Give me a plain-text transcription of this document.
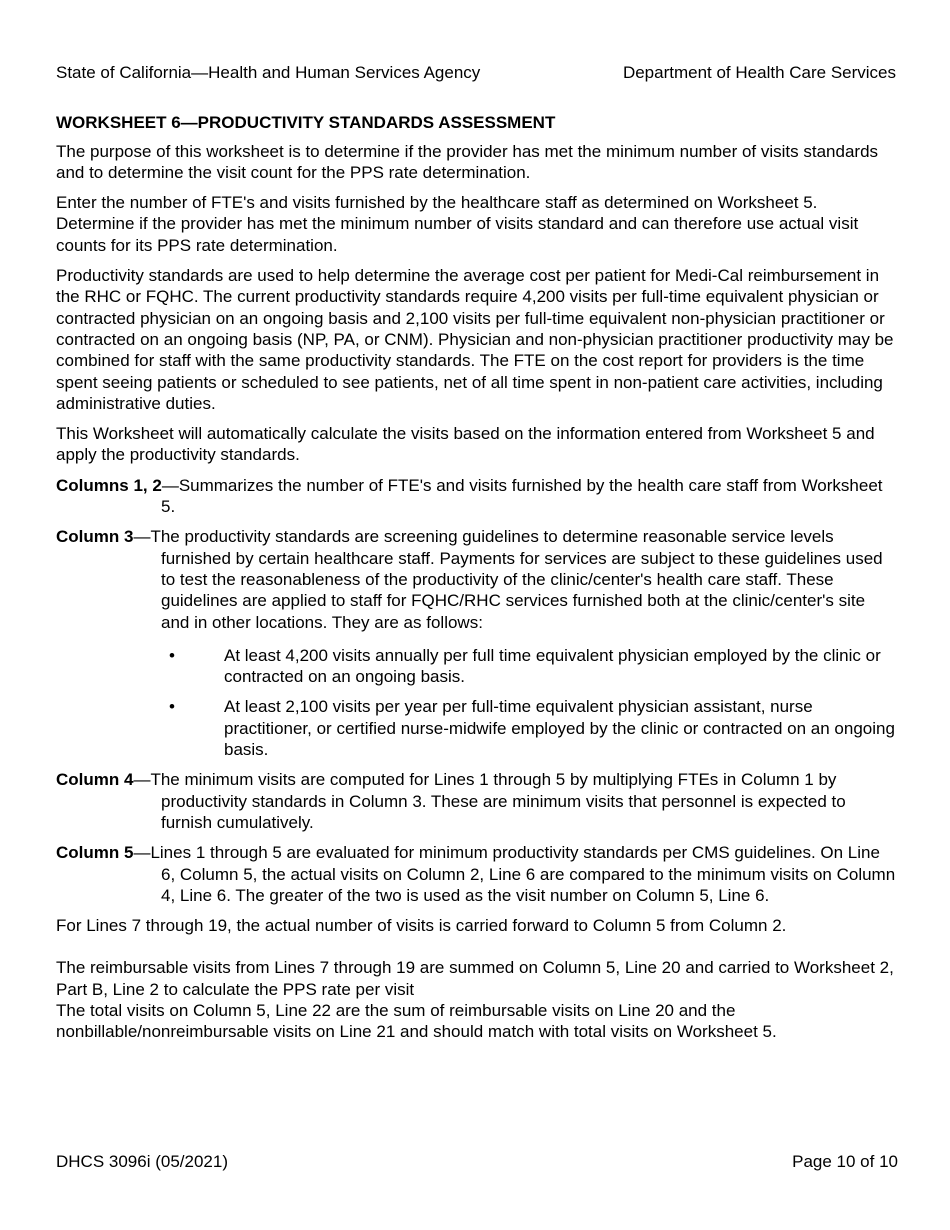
State of California—Health and Human Services Agency	Department of Health Care Services
WORKSHEET 6—PRODUCTIVITY STANDARDS ASSESSMENT

The purpose of this worksheet is to determine if the provider has met the minimum number of visits standards and to determine the visit count for the PPS rate determination.

Enter the number of FTE's and visits furnished by the healthcare staff as determined on Worksheet 5. Determine if the provider has met the minimum number of visits standard and can therefore use actual visit counts for its PPS rate determination.

Productivity standards are used to help determine the average cost per patient for Medi-Cal reimbursement in the RHC or FQHC. The current productivity standards require 4,200 visits per full-time equivalent physician or contracted physician on an ongoing basis and 2,100 visits per full-time equivalent non-physician practitioner or contracted on an ongoing basis (NP, PA, or CNM). Physician and non-physician practitioner productivity may be combined for staff with the same productivity standards. The FTE on the cost report for providers is the time spent seeing patients or scheduled to see patients, net of all time spent in non-patient care activities, including administrative duties.

This Worksheet will automatically calculate the visits based on the information entered from Worksheet 5 and apply the productivity standards.

Columns 1, 2—Summarizes the number of FTE's and visits furnished by the health care staff from Worksheet 5.
Column 3—The productivity standards are screening guidelines to determine reasonable service levels furnished by certain healthcare staff. Payments for services are subject to these guidelines used to test the reasonableness of the productivity of the clinic/center's health care staff. These guidelines are applied to staff for FQHC/RHC services furnished both at the clinic/center's site and in other locations. They are as follows:
•	At least 4,200 visits annually per full time equivalent physician employed by the clinic or contracted on an ongoing basis.
•	At least 2,100 visits per year per full-time equivalent physician assistant, nurse practitioner, or certified nurse-midwife employed by the clinic or contracted on an ongoing basis.
Column 4—The minimum visits are computed for Lines 1 through 5 by multiplying FTEs in Column 1 by productivity standards in Column 3. These are minimum visits that personnel is expected to furnish cumulatively.
Column 5—Lines 1 through 5 are evaluated for minimum productivity standards per CMS guidelines. On Line 6, Column 5, the actual visits on Column 2, Line 6 are compared to the minimum visits on Column 4, Line 6. The greater of the two is used as the visit number on Column 5, Line 6.

For Lines 7 through 19, the actual number of visits is carried forward to Column 5 from Column 2.

The reimbursable visits from Lines 7 through 19 are summed on Column 5, Line 20 and carried to Worksheet 2, Part B, Line 2 to calculate the PPS rate per visit

The total visits on Column 5, Line 22 are the sum of reimbursable visits on Line 20 and the nonbillable/nonreimbursable visits on Line 21 and should match with total visits on Worksheet 5.

DHCS 3096i (05/2021)	Page 10 of 10
